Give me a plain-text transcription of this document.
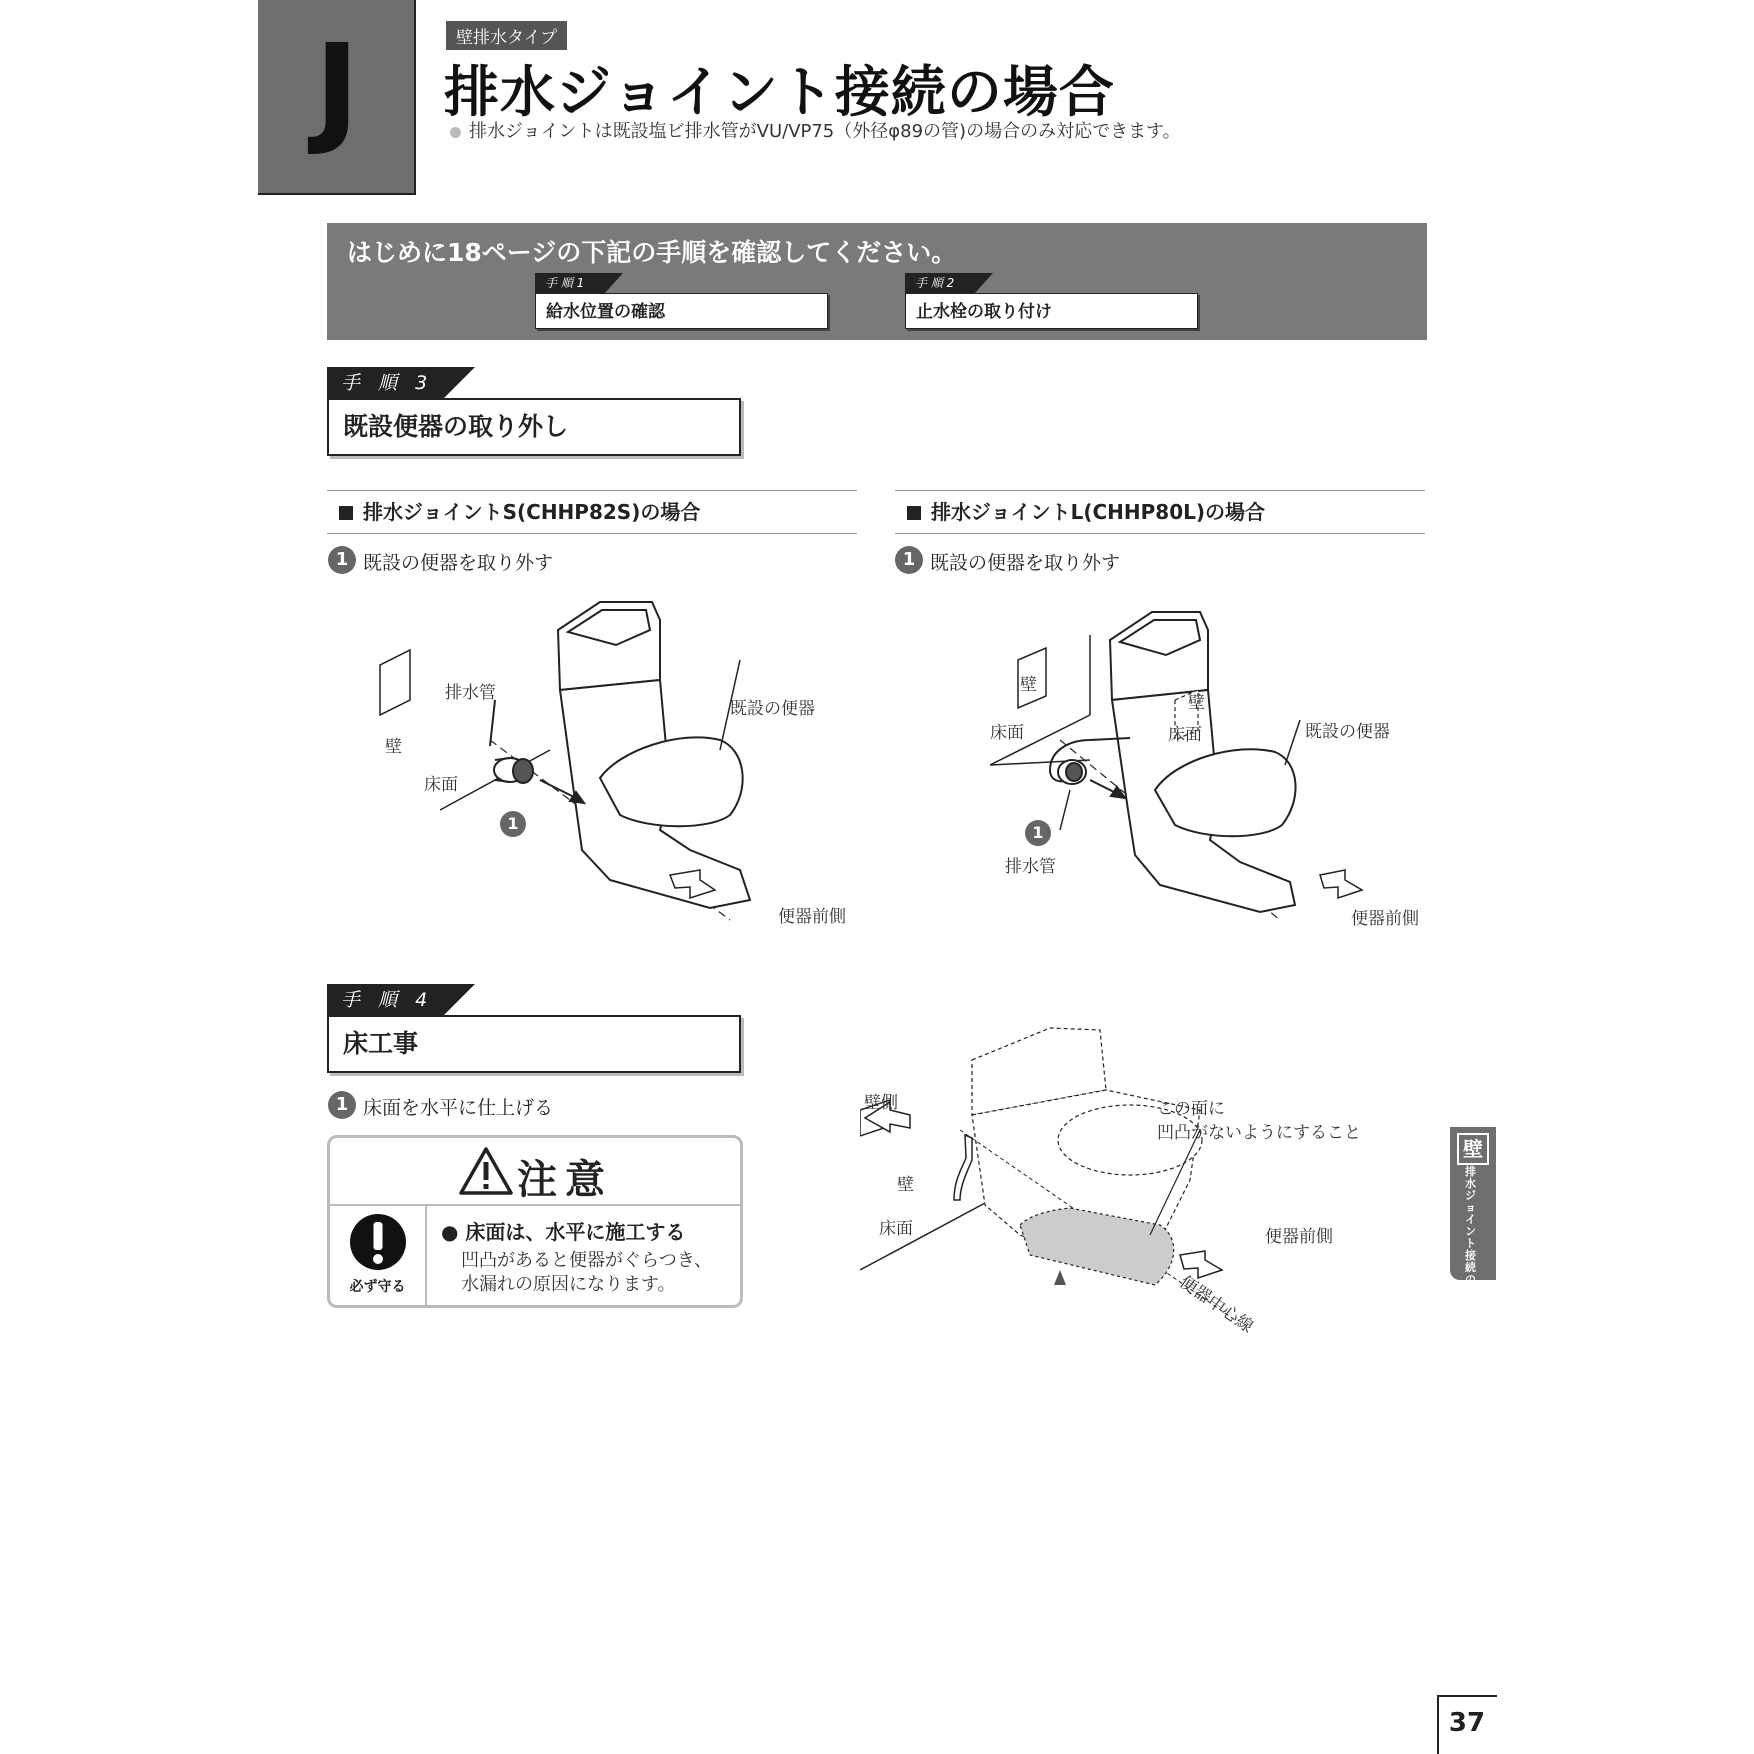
J	壁排水タイプ
排水ジョイント接続の場合
排水ジョイントは既設塩ビ排水管がVU/VP75（外径φ89の管)の場合のみ対応できます。
はじめに18ページの下記の手順を確認してください。
手 順 1
給水位置の確認
手 順 2
止水栓の取り付け
手 順 3
既設便器の取り外し
排水ジョイントS(CHHP82S)の場合	排水ジョイントL(CHHP80L)の場合
1 既設の便器を取り外す	1 既設の便器を取り外す
排水管
壁
床面
既設の便器
便器前側
1
壁
壁
床面	床面	既設の便器
排水管
便器前側
1
手 順 4
床工事
1 床面を水平に仕上げる
注意
必ず守る
● 床面は、水平に施工する
凹凸があると便器がぐらつき、
水漏れの原因になります。
壁側
壁
床面
この面に
凹凸がないようにすること
便器前側
便器中心線
壁
排水ジョイント接続の場合
37
